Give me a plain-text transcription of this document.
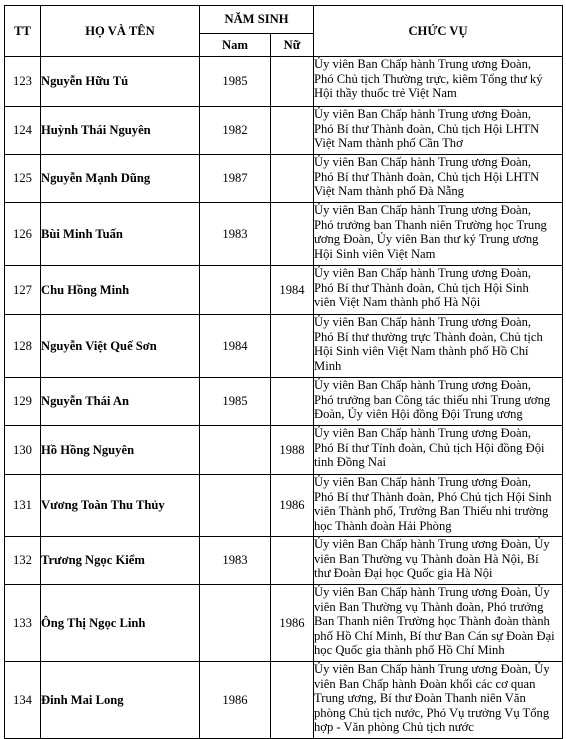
TT	HỌ VÀ TÊN	NĂM SINH		CHỨC VỤ
		Nam	Nữ	
123	Nguyễn Hữu Tú	1985		Ủy viên Ban Chấp hành Trung ương Đoàn,
Phó Chủ tịch Thường trực, kiêm Tổng thư ký
Hội thầy thuốc trẻ Việt Nam

124	Huỳnh Thái Nguyên	1982		Ủy viên Ban Chấp hành Trung ương Đoàn,
Phó Bí thư Thành đoàn, Chủ tịch Hội LHTN
Việt Nam thành phố Cần Thơ

125	Nguyễn Mạnh Dũng	1987		Ủy viên Ban Chấp hành Trung ương Đoàn,
Phó Bí thư Thành đoàn, Chủ tịch Hội LHTN
Việt Nam thành phố Đà Nẵng

126	Bùi Minh Tuấn	1983		Ủy viên Ban Chấp hành Trung ương Đoàn,
Phó trưởng ban Thanh niên Trường học Trung
ương Đoàn, Ủy viên Ban thư ký Trung ương
Hội Sinh viên Việt Nam

127	Chu Hồng Minh		1984	Ủy viên Ban Chấp hành Trung ương Đoàn,
Phó Bí thư Thành đoàn, Chủ tịch Hội Sinh
viên Việt Nam thành phố Hà Nội

128	Nguyễn Việt Quế Sơn	1984		Ủy viên Ban Chấp hành Trung ương Đoàn,
Phó Bí thư thường trực Thành đoàn, Chủ tịch
Hội Sinh viên Việt Nam thành phố Hồ Chí
Minh

129	Nguyễn Thái An	1985		Ủy viên Ban Chấp hành Trung ương Đoàn,
Phó trưởng ban Công tác thiếu nhi Trung ương
Đoàn, Ủy viên Hội đồng Đội Trung ương

130	Hồ Hồng Nguyên		1988	Ủy viên Ban Chấp hành Trung ương Đoàn,
Phó Bí thư Tỉnh đoàn, Chủ tịch Hội đồng Đội
tỉnh Đồng Nai

131	Vương Toàn Thu Thủy		1986	Ủy viên Ban Chấp hành Trung ương Đoàn,
Phó Bí thư Thành đoàn, Phó Chủ tịch Hội Sinh
viên Thành phố, Trưởng Ban Thiếu nhi trường
học Thành đoàn Hải Phòng

132	Trương Ngọc Kiểm	1983		Ủy viên Ban Chấp hành Trung ương Đoàn, Ủy
viên Ban Thường vụ Thành đoàn Hà Nội, Bí
thư Đoàn Đại học Quốc gia Hà Nội

133	Ông Thị Ngọc Linh		1986	Ủy viên Ban Chấp hành Trung ương Đoàn, Ủy
viên Ban Thường vụ Thành đoàn, Phó trưởng
Ban Thanh niên Trường học Thành đoàn thành
phố Hồ Chí Minh, Bí thư Ban Cán sự Đoàn Đại
học Quốc gia thành phố Hồ Chí Minh

134	Đinh Mai Long	1986		Ủy viên Ban Chấp hành Trung ương Đoàn, Ủy
viên Ban Chấp hành Đoàn khối các cơ quan
Trung ương, Bí thư Đoàn Thanh niên Văn
phòng Chủ tịch nước, Phó Vụ trưởng Vụ Tổng
hợp - Văn phòng Chủ tịch nước
